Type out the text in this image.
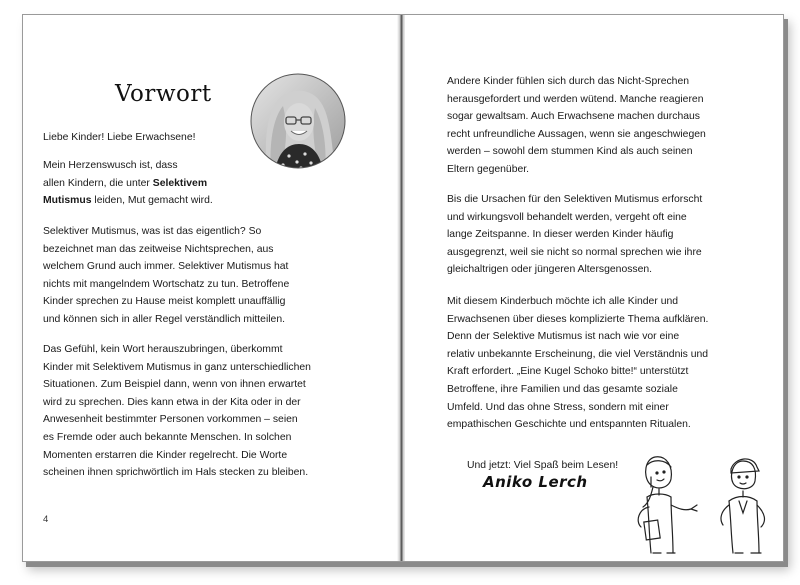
Vorwort
Liebe Kinder! Liebe Erwachsene!

Mein Herzenswusch ist, dass

allen Kindern, die unter Selektivem

Mutismus leiden, Mut gemacht wird.

Selektiver Mutismus, was ist das eigentlich? So

bezeichnet man das zeitweise Nichtsprechen, aus

welchem Grund auch immer. Selektiver Mutismus hat

nichts mit mangelndem Wortschatz zu tun. Betroffene

Kinder sprechen zu Hause meist komplett unauffällig

und können sich in aller Regel verständlich mitteilen.

Das Gefühl, kein Wort herauszubringen, überkommt

Kinder mit Selektivem Mutismus in ganz unterschiedlichen

Situationen. Zum Beispiel dann, wenn von ihnen erwartet

wird zu sprechen. Dies kann etwa in der Kita oder in der

Anwesenheit bestimmter Personen vorkommen – seien

es Fremde oder auch bekannte Menschen. In solchen

Momenten erstarren die Kinder regelrecht. Die Worte

scheinen ihnen sprichwörtlich im Hals stecken zu bleiben.

4

Andere Kinder fühlen sich durch das Nicht-Sprechen

herausgefordert und werden wütend. Manche reagieren

sogar gewaltsam. Auch Erwachsene machen durchaus

recht unfreundliche Aussagen, wenn sie angeschwiegen

werden – sowohl dem stummen Kind als auch seinen

Eltern gegenüber.

Bis die Ursachen für den Selektiven Mutismus erforscht

und wirkungsvoll behandelt werden, vergeht oft eine

lange Zeitspanne. In dieser werden Kinder häufig

ausgegrenzt, weil sie nicht so normal sprechen wie ihre

gleichaltrigen oder jüngeren Altersgenossen.

Mit diesem Kinderbuch möchte ich alle Kinder und

Erwachsenen über dieses komplizierte Thema aufklären.

Denn der Selektive Mutismus ist nach wie vor eine

relativ unbekannte Erscheinung, die viel Verständnis und

Kraft erfordert. „Eine Kugel Schoko bitte!“ unterstützt

Betroffene, ihre Familien und das gesamte soziale

Umfeld. Und das ohne Stress, sondern mit einer

empathischen Geschichte und entspannten Ritualen.

Und jetzt: Viel Spaß beim Lesen!
Aniko Lerch
